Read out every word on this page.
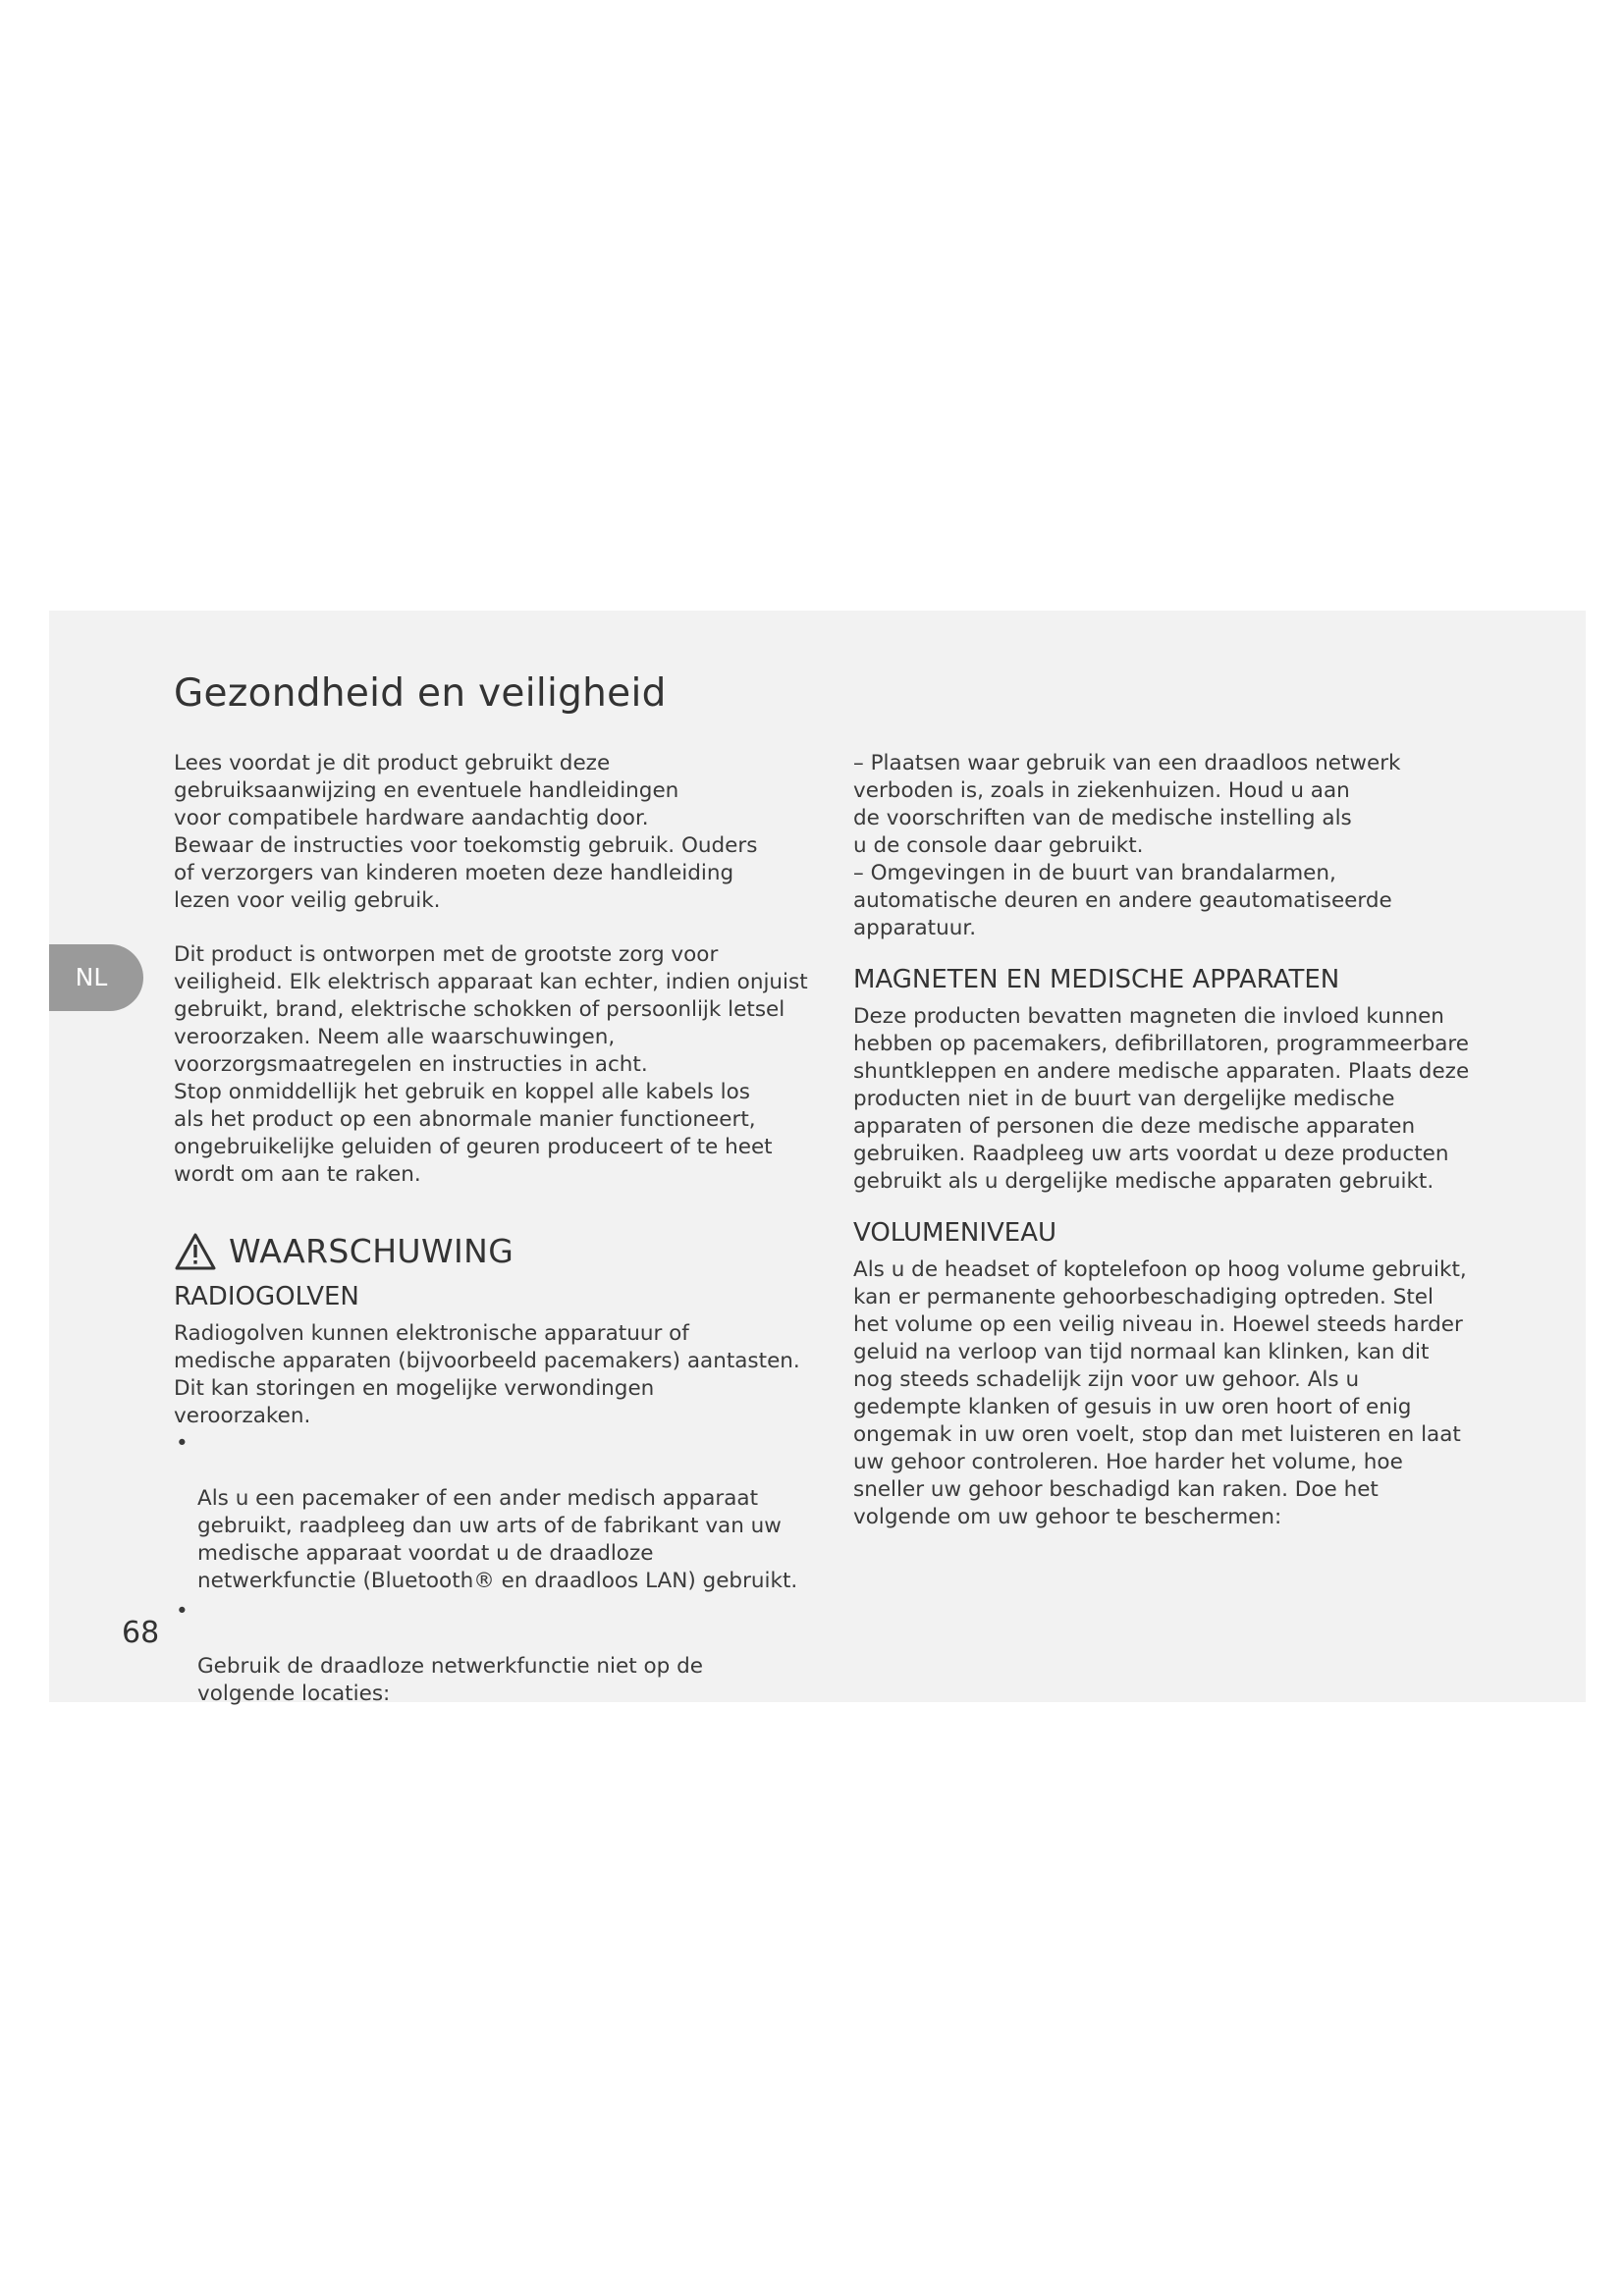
NL
Gezondheid en veiligheid

Lees voordat je dit product gebruikt deze
gebruiksaanwijzing en eventuele handleidingen
voor compatibele hardware aandachtig door.
Bewaar de instructies voor toekomstig gebruik. Ouders
of verzorgers van kinderen moeten deze handleiding
lezen voor veilig gebruik.

Dit product is ontworpen met de grootste zorg voor
veiligheid. Elk elektrisch apparaat kan echter, indien onjuist
gebruikt, brand, elektrische schokken of persoonlijk letsel
veroorzaken. Neem alle waarschuwingen,
voorzorgsmaatregelen en instructies in acht.
Stop onmiddellijk het gebruik en koppel alle kabels los
als het product op een abnormale manier functioneert,
ongebruikelijke geluiden of geuren produceert of te heet
wordt om aan te raken.

WAARSCHUWING
RADIOGOLVEN

Radiogolven kunnen elektronische apparatuur of
medische apparaten (bijvoorbeeld pacemakers) aantasten.
Dit kan storingen en mogelijke verwondingen
veroorzaken.

•

Als u een pacemaker of een ander medisch apparaat
gebruikt, raadpleeg dan uw arts of de fabrikant van uw
medische apparaat voordat u de draadloze
netwerkfunctie (Bluetooth® en draadloos LAN) gebruikt.

•

Gebruik de draadloze netwerkfunctie niet op de
volgende locaties:

– Plaatsen waar gebruik van een draadloos netwerk
verboden is, zoals in ziekenhuizen. Houd u aan
de voorschriften van de medische instelling als
u de console daar gebruikt.

– Omgevingen in de buurt van brandalarmen,
automatische deuren en andere geautomatiseerde
apparatuur.

MAGNETEN EN MEDISCHE APPARATEN

Deze producten bevatten magneten die invloed kunnen
hebben op pacemakers, defibrillatoren, programmeerbare
shuntkleppen en andere medische apparaten. Plaats deze
producten niet in de buurt van dergelijke medische
apparaten of personen die deze medische apparaten
gebruiken. Raadpleeg uw arts voordat u deze producten
gebruikt als u dergelijke medische apparaten gebruikt.

VOLUMENIVEAU

Als u de headset of koptelefoon op hoog volume gebruikt,
kan er permanente gehoorbeschadiging optreden. Stel
het volume op een veilig niveau in. Hoewel steeds harder
geluid na verloop van tijd normaal kan klinken, kan dit
nog steeds schadelijk zijn voor uw gehoor. Als u
gedempte klanken of gesuis in uw oren hoort of enig
ongemak in uw oren voelt, stop dan met luisteren en laat
uw gehoor controleren. Hoe harder het volume, hoe
sneller uw gehoor beschadigd kan raken. Doe het
volgende om uw gehoor te beschermen:

68
